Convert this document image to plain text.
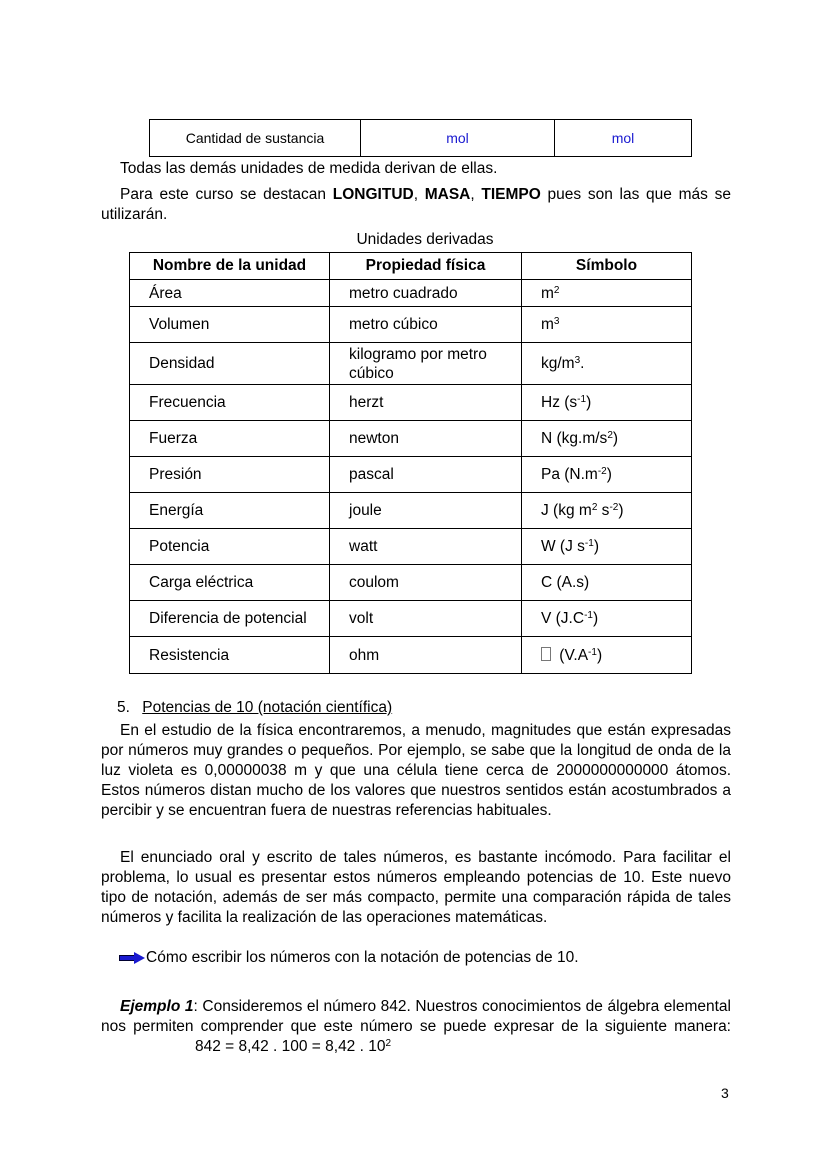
Cantidad de sustancia	mol	mol
Todas las demás unidades de medida derivan de ellas.
Para este curso se destacan LONGITUD, MASA, TIEMPO pues son las que más se utilizarán.
Unidades derivadas
Nombre de la unidad	Propiedad física	Símbolo
Área	metro cuadrado	$m^2$
Volumen	metro cúbico	$m^3$
Densidad	kilogramo por metro cúbico	$kg/m^3$.
Frecuencia	herzt	Hz $(s^{-1})$
Fuerza	newton	N $(kg.m/s^2)$
Presión	pascal	Pa $(N.m^{-2})$
Energía	joule	J (kg $m^2$ $s^{-2}$)
Potencia	watt	W (J $s^{-1}$)
Carga eléctrica	coulom	C (A.s)
Diferencia de potencial	volt	V $(J.C^{-1})$
Resistencia	ohm	$(V.A^{-1})$
5. Potencias de 10 (notación científica)
En el estudio de la física encontraremos, a menudo, magnitudes que están expresadas por números muy grandes o pequeños. Por ejemplo, se sabe que la longitud de onda de la luz violeta es 0,00000038 m y que una célula tiene cerca de 2000000000000 átomos. Estos números distan mucho de los valores que nuestros sentidos están acostumbrados a percibir y se encuentran fuera de nuestras referencias habituales.
El enunciado oral y escrito de tales números, es bastante incómodo. Para facilitar el problema, lo usual es presentar estos números empleando potencias de 10. Este nuevo tipo de notación, además de ser más compacto, permite una comparación rápida de tales números y facilita la realización de las operaciones matemáticas.
Cómo escribir los números con la notación de potencias de 10.
Ejemplo 1: Consideremos el número 842. Nuestros conocimientos de álgebra elemental nos permiten comprender que este número se puede expresar de la siguiente manera:842 = 8,42 . 100 = 8,42 . $10^2$
3
